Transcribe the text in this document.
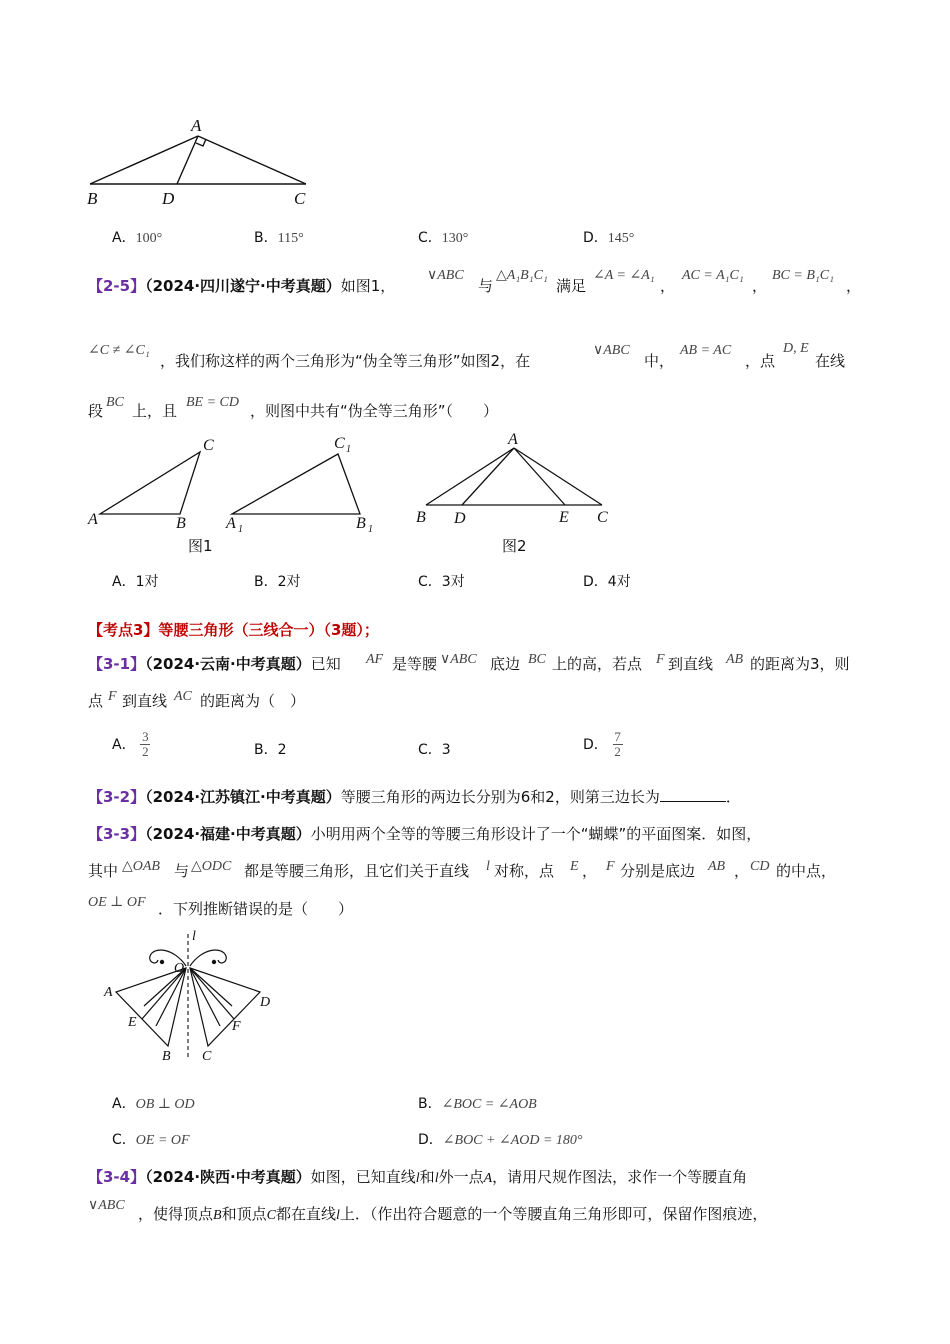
A
B	D	C
A．100°	B．115°	C．130°	D．145°
【2-5】（2024·四川遂宁·中考真题）如图1，
∨ABC
与
△A₁B₁C₁
满足
∠A = ∠A₁
，
AC = A₁C₁
，
BC = B₁C₁
，
∠C ≠ ∠C₁
，我们称这样的两个三角形为“伪全等三角形”如图2，在
∨ABC
中，
AB = AC
，点
D, E
在线
段 BC 上，且 BE = CD ，则图中共有“伪全等三角形”（　　）
A	B
C
A 1	B 1
C 1
A
B D	E C
图1	图2
A．1对	B．2对	C．3对	D．4对
【考点3】等腰三角形（三线合一）（3题）；
【3-1】（2024·云南·中考真题）已知 AF 是等腰 ∨ABC 底边 BC 上的高，若点 F 到直线 AB 的距离为3，则
点 F 到直线 AC 的距离为（　）
A． $\frac{3}{2}$	B．2	C．3	D． $\frac{7}{2}$
【3-2】（2024·江苏镇江·中考真题）等腰三角形的两边长分别为6和2，则第三边长为	．
【3-3】（2024·福建·中考真题）小明用两个全等的等腰三角形设计了一个“蝴蝶”的平面图案．如图，
其中 △OAB 与 △ODC 都是等腰三角形，且它们关于直线 l 对称，点 E ， F 分别是底边 AB ， CD 的中点，
OE ⊥ OF ．下列推断错误的是（　　）
l
O
A
E
B C
F
D
A．OB ⊥ OD	B．∠BOC = ∠AOB
C．OE = OF	D．∠BOC + ∠AOD = 180°
【3-4】（2024·陕西·中考真题）如图，已知直线l和l外一点A，请用尺规作图法，求作一个等腰直角
∨ABC ，使得顶点B和顶点C都在直线l上．（作出符合题意的一个等腰直角三角形即可，保留作图痕迹，
